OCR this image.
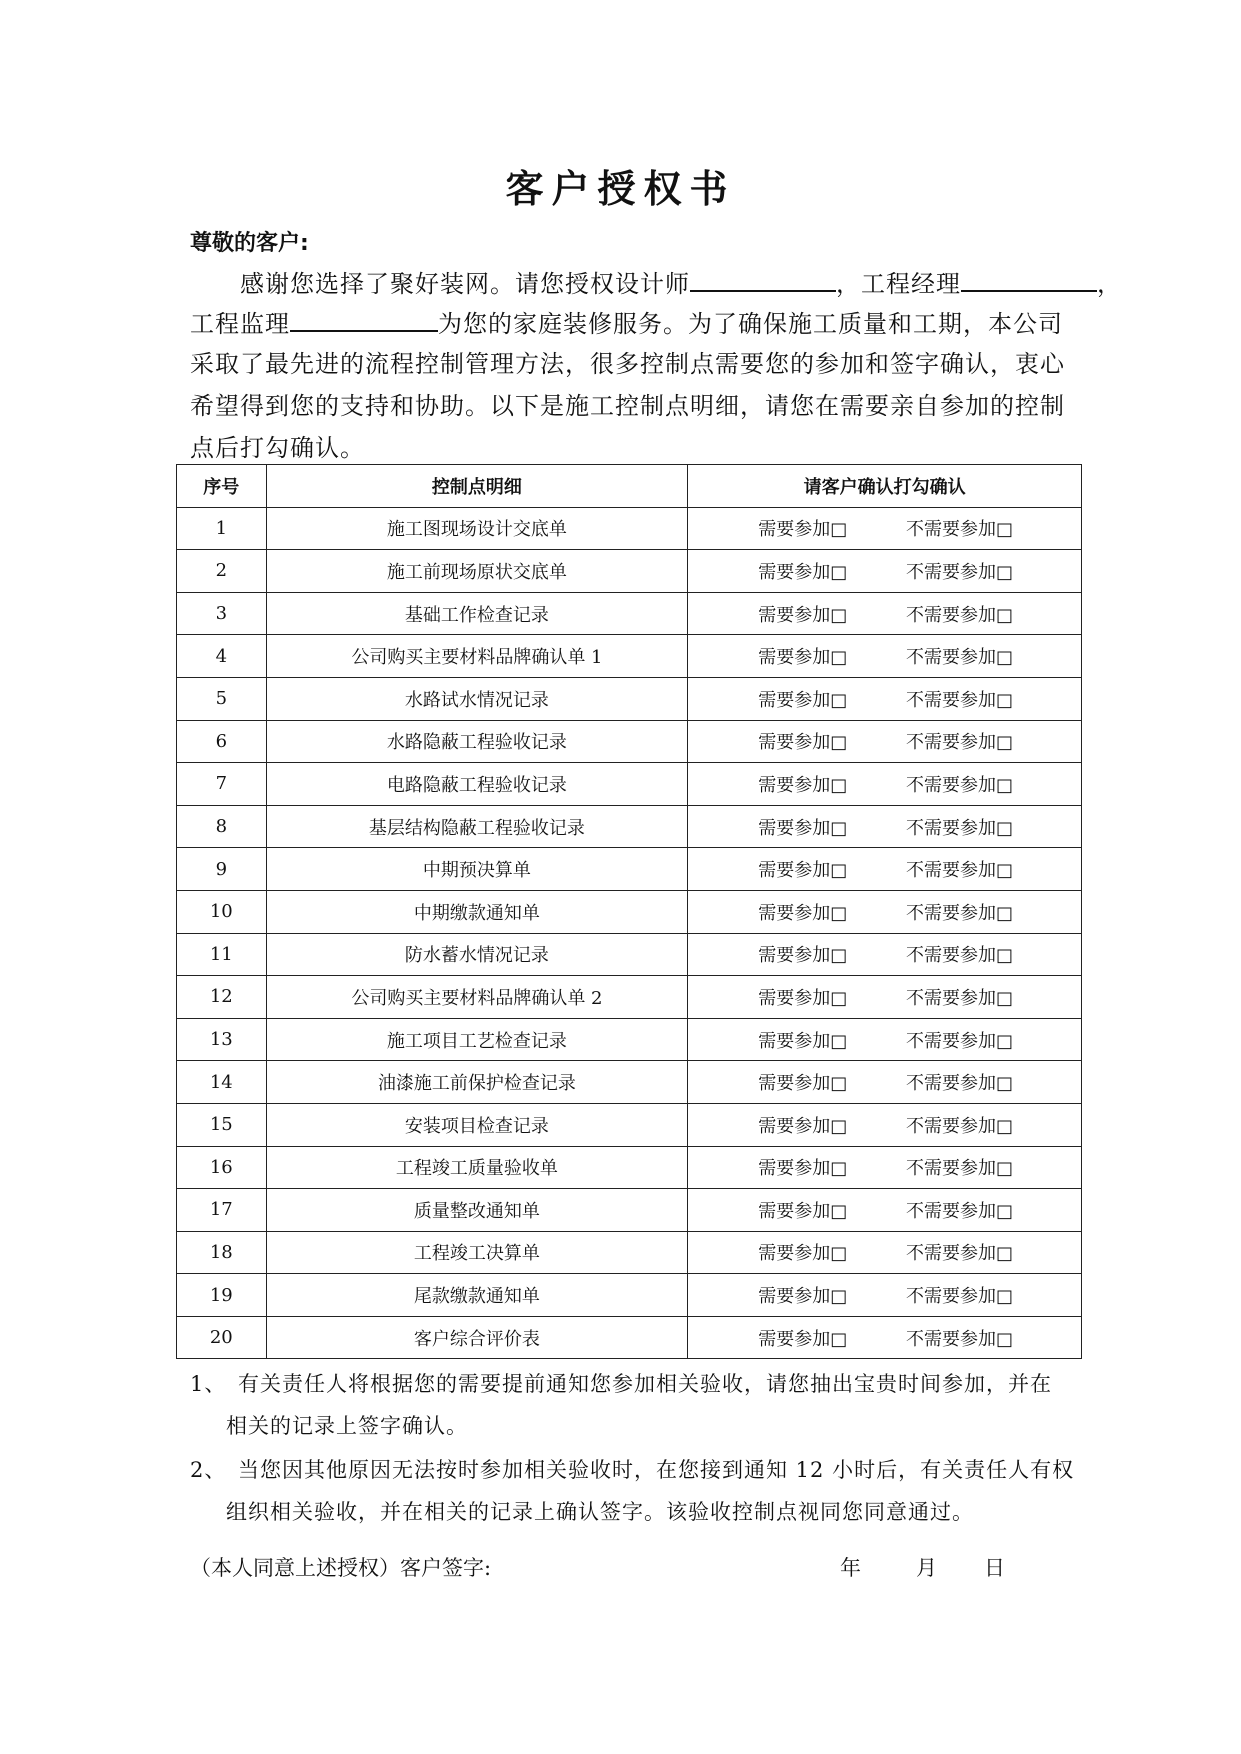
客户授权书
尊敬的客户:
感谢您选择了聚好装网。请您授权设计师	，工程经理	，
工程监理	为您的家庭装修服务。为了确保施工质量和工期，本公司
采取了最先进的流程控制管理方法，很多控制点需要您的参加和签字确认，衷心
希望得到您的支持和协助。以下是施工控制点明细，请您在需要亲自参加的控制
点后打勾确认。
序号	控制点明细	请客户确认打勾确认
1	施工图现场设计交底单	需要参加□ 不需要参加□

2	施工前现场原状交底单	需要参加□ 不需要参加□

3	基础工作检查记录	需要参加□ 不需要参加□

4	公司购买主要材料品牌确认单 1	需要参加□ 不需要参加□

5	水路试水情况记录	需要参加□ 不需要参加□

6	水路隐蔽工程验收记录	需要参加□ 不需要参加□

7	电路隐蔽工程验收记录	需要参加□ 不需要参加□

8	基层结构隐蔽工程验收记录	需要参加□ 不需要参加□

9	中期预决算单	需要参加□ 不需要参加□

10	中期缴款通知单	需要参加□ 不需要参加□

11	防水蓄水情况记录	需要参加□ 不需要参加□

12	公司购买主要材料品牌确认单 2	需要参加□ 不需要参加□

13	施工项目工艺检查记录	需要参加□ 不需要参加□

14	油漆施工前保护检查记录	需要参加□ 不需要参加□

15	安装项目检查记录	需要参加□ 不需要参加□

16	工程竣工质量验收单	需要参加□ 不需要参加□

17	质量整改通知单	需要参加□ 不需要参加□

18	工程竣工决算单	需要参加□ 不需要参加□

19	尾款缴款通知单	需要参加□ 不需要参加□

20	客户综合评价表	需要参加□ 不需要参加□
1、 有关责任人将根据您的需要提前通知您参加相关验收，请您抽出宝贵时间参加，并在
相关的记录上签字确认。
2、 当您因其他原因无法按时参加相关验收时，在您接到通知 12 小时后，有关责任人有权
组织相关验收，并在相关的记录上确认签字。该验收控制点视同您同意通过。
（本人同意上述授权）客户签字:	年	月 日
